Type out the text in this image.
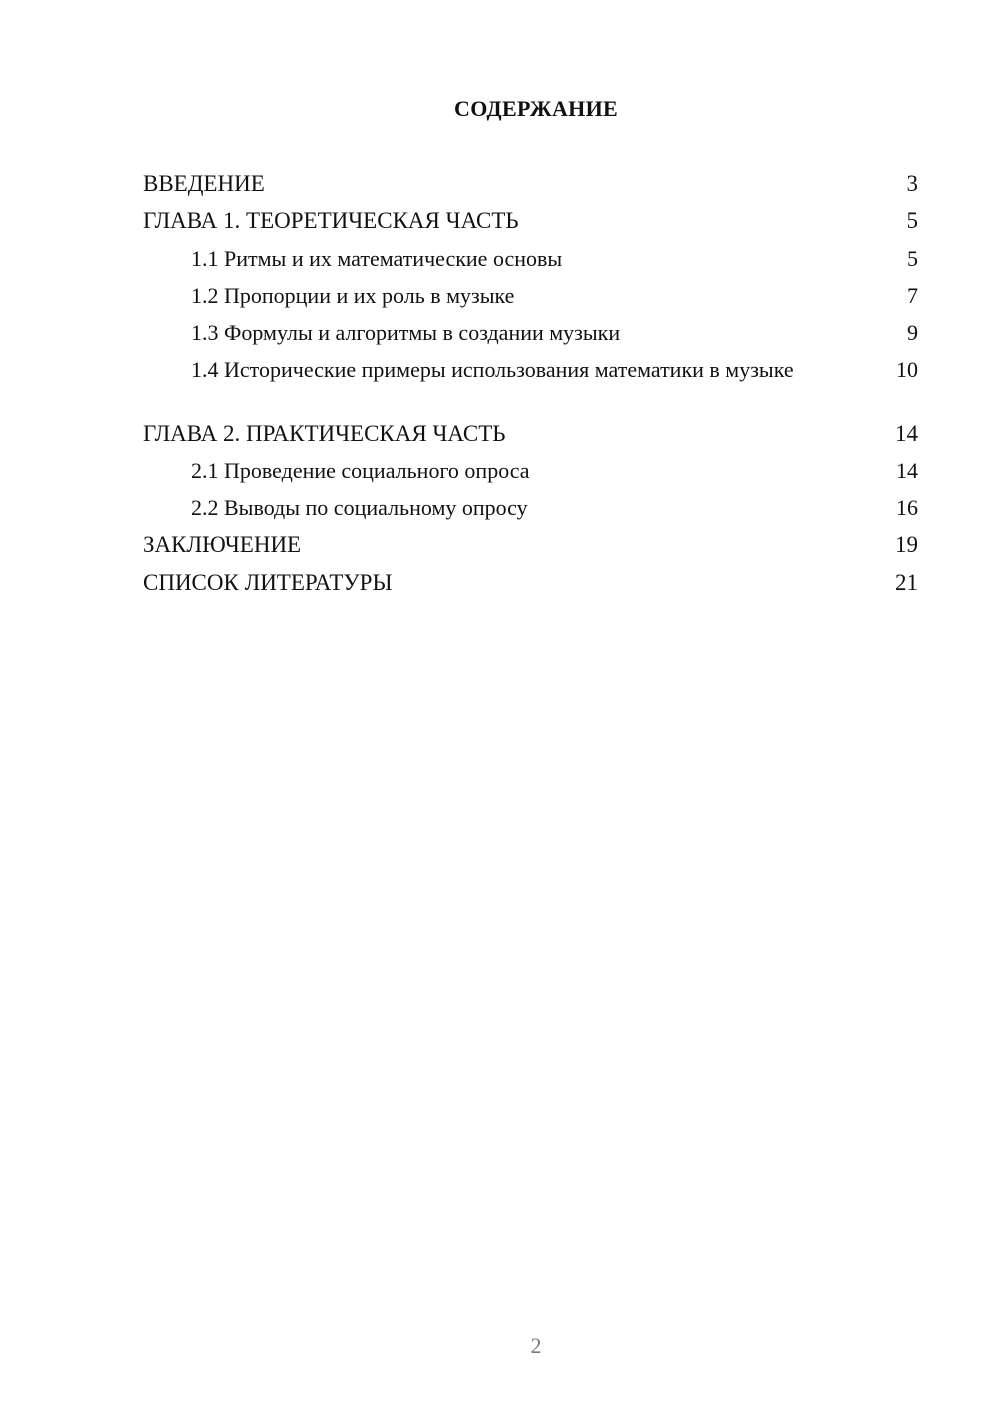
СОДЕРЖАНИЕ
ВВЕДЕНИЕ	3
ГЛАВА 1. ТЕОРЕТИЧЕСКАЯ ЧАСТЬ	5
1.1 Ритмы и их математические основы	5
1.2 Пропорции и их роль в музыке	7
1.3 Формулы и алгоритмы в создании музыки	9
1.4 Исторические примеры использования математики в музыке	10
ГЛАВА 2. ПРАКТИЧЕСКАЯ ЧАСТЬ	14
2.1 Проведение социального опроса	14
2.2 Выводы по социальному опросу	16
ЗАКЛЮЧЕНИЕ	19
СПИСОК ЛИТЕРАТУРЫ	21
2
